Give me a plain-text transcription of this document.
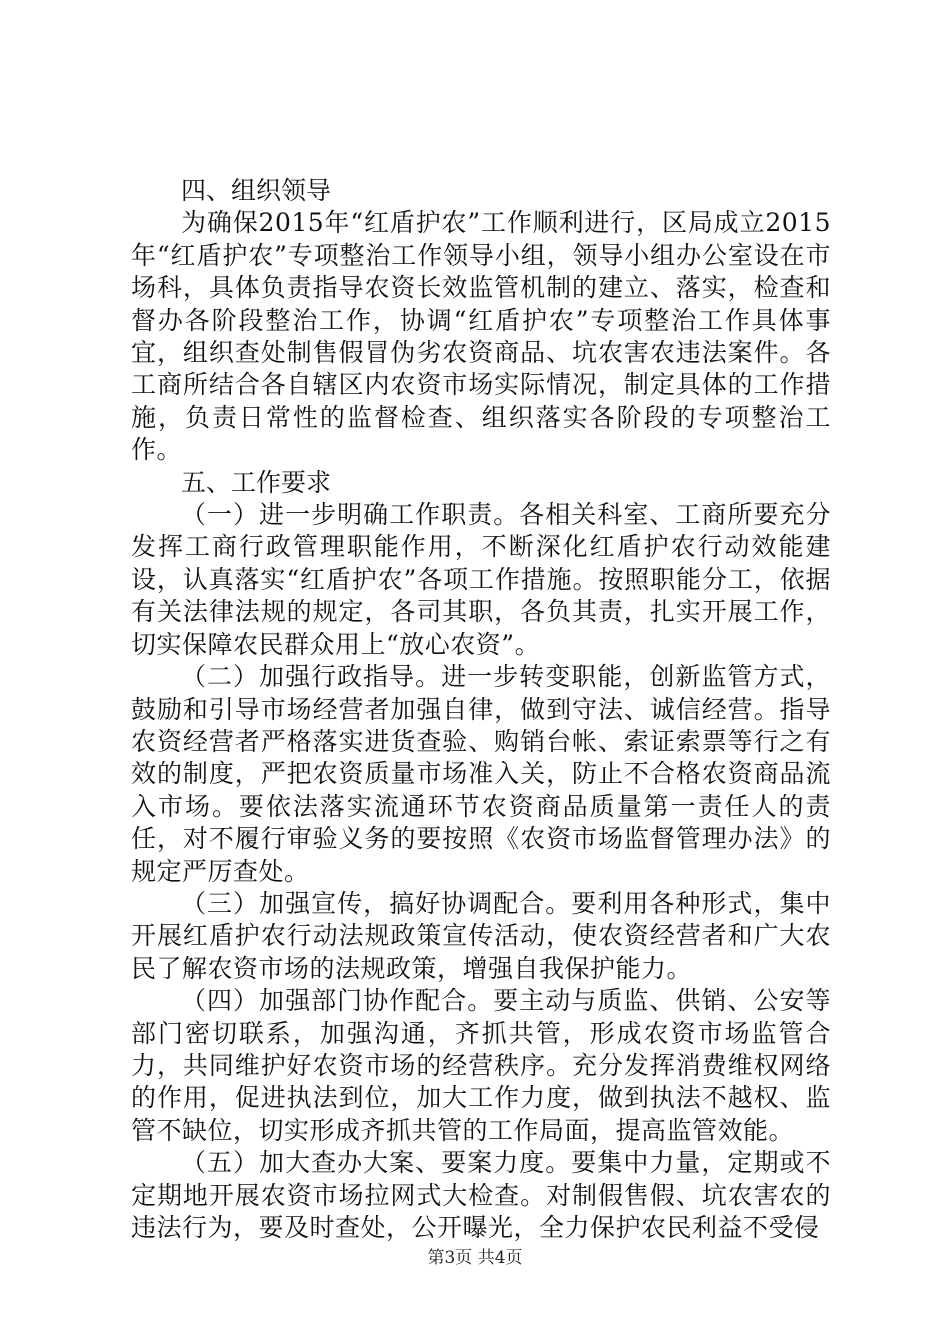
四、组织领导

为确保2015年“红盾护农”工作顺利进行，区局成立2015年“红盾护农”专项整治工作领导小组，领导小组办公室设在市场科，具体负责指导农资长效监管机制的建立、落实，检查和督办各阶段整治工作，协调“红盾护农”专项整治工作具体事宜，组织查处制售假冒伪劣农资商品、坑农害农违法案件。各工商所结合各自辖区内农资市场实际情况，制定具体的工作措施，负责日常性的监督检查、组织落实各阶段的专项整治工作。

五、工作要求

（一）进一步明确工作职责。各相关科室、工商所要充分发挥工商行政管理职能作用，不断深化红盾护农行动效能建设，认真落实“红盾护农”各项工作措施。按照职能分工，依据有关法律法规的规定，各司其职，各负其责，扎实开展工作，切实保障农民群众用上“放心农资”。

（二）加强行政指导。进一步转变职能，创新监管方式，鼓励和引导市场经营者加强自律，做到守法、诚信经营。指导农资经营者严格落实进货查验、购销台帐、索证索票等行之有效的制度，严把农资质量市场准入关，防止不合格农资商品流入市场。要依法落实流通环节农资商品质量第一责任人的责任，对不履行审验义务的要按照《农资市场监督管理办法》的规定严厉查处。

（三）加强宣传，搞好协调配合。要利用各种形式，集中开展红盾护农行动法规政策宣传活动，使农资经营者和广大农民了解农资市场的法规政策，增强自我保护能力。

（四）加强部门协作配合。要主动与质监、供销、公安等部门密切联系，加强沟通，齐抓共管，形成农资市场监管合力，共同维护好农资市场的经营秩序。充分发挥消费维权网络的作用，促进执法到位，加大工作力度，做到执法不越权、监管不缺位，切实形成齐抓共管的工作局面，提高监管效能。

（五）加大查办大案、要案力度。要集中力量，定期或不定期地开展农资市场拉网式大检查。对制假售假、坑农害农的违法行为，要及时查处，公开曝光，全力保护农民利益不受侵

第3页 共4页
